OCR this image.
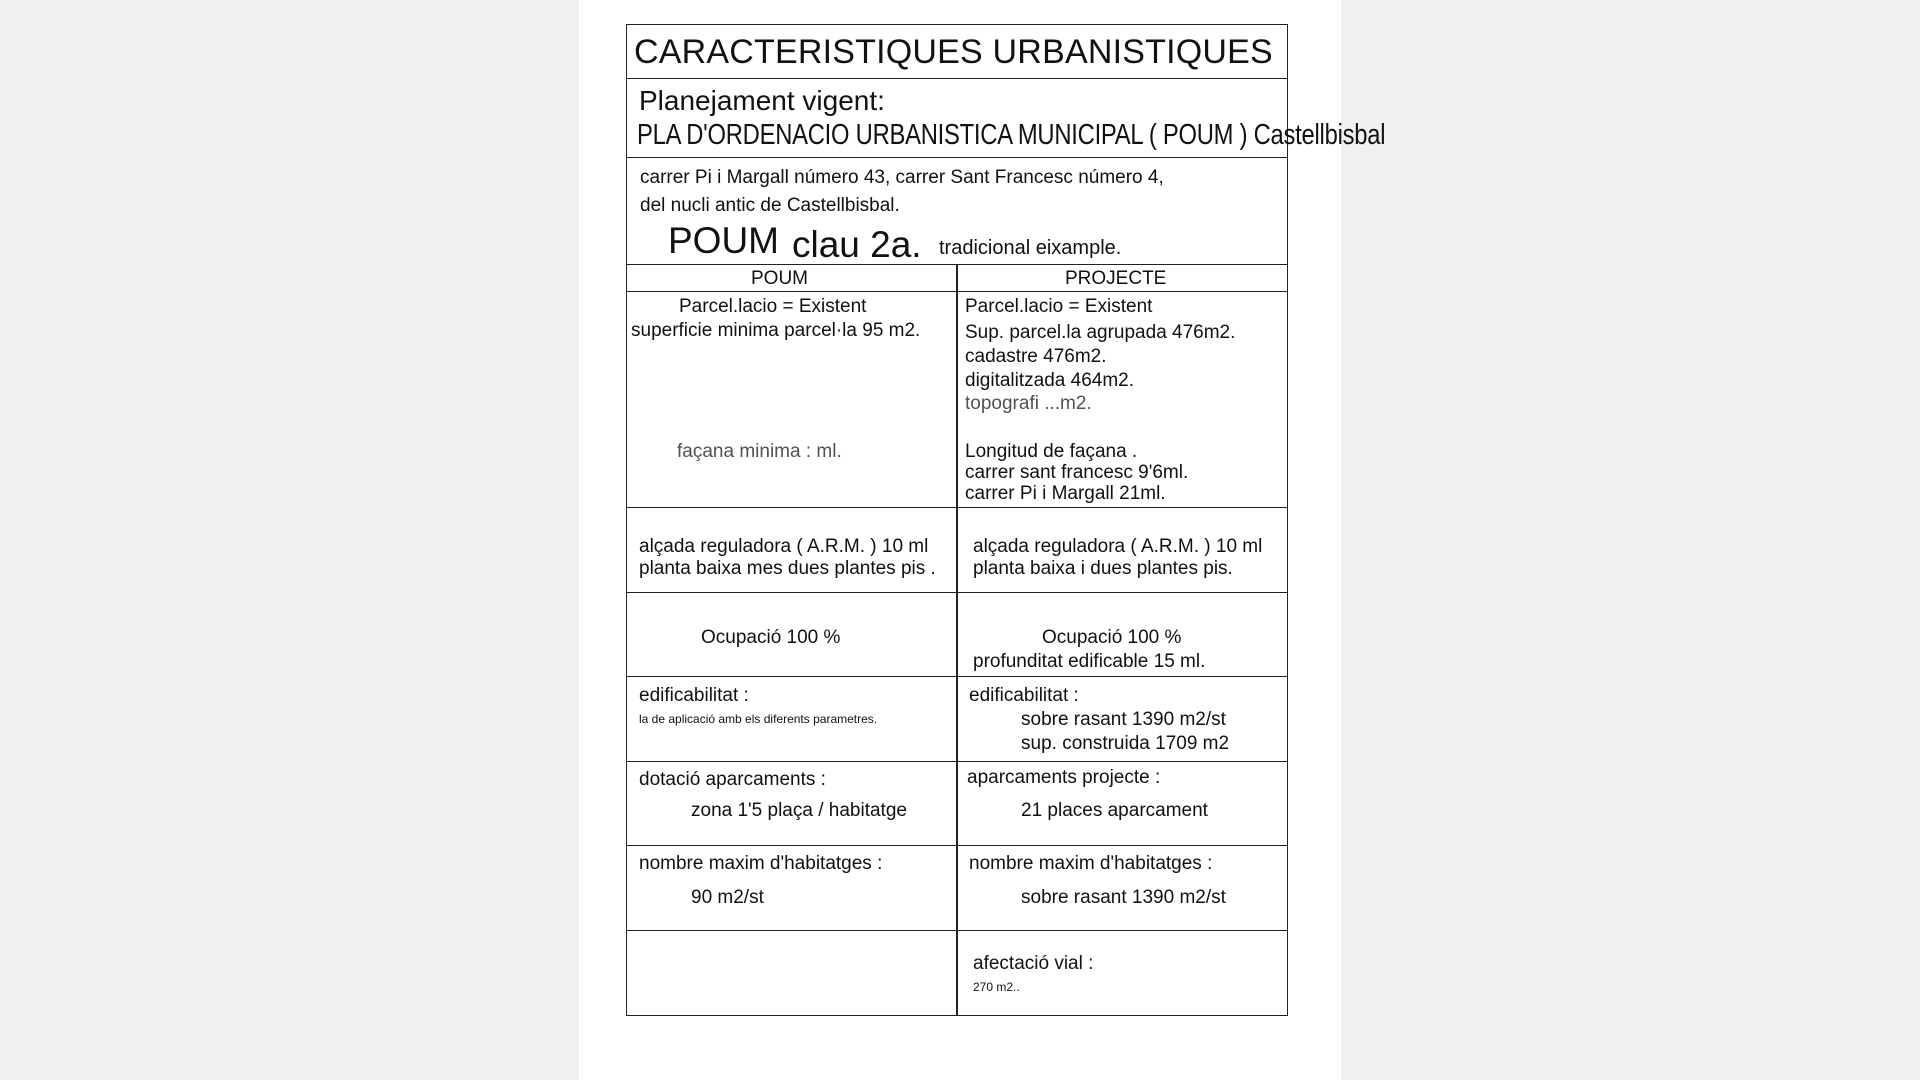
CARACTERISTIQUES URBANISTIQUES
Planejament vigent:
PLA D'ORDENACIO URBANISTICA MUNICIPAL ( POUM ) Castellbisbal
carrer Pi i Margall número 43, carrer Sant Francesc número 4,
del nucli antic de Castellbisbal.
POUM clau 2a. tradicional eixample.
POUM	PROJECTE
Parcel.lacio = Existent
superficie minima parcel·la 95 m2.
façana minima : ml.
Parcel.lacio = Existent
Sup. parcel.la agrupada 476m2.
cadastre 476m2.
digitalitzada 464m2.
topografi ...m2.
Longitud de façana .
carrer sant francesc 9'6ml.
carrer Pi i Margall 21ml.
alçada reguladora ( A.R.M. ) 10 ml
planta baixa mes dues plantes pis .
alçada reguladora ( A.R.M. ) 10 ml
planta baixa i dues plantes pis.
Ocupació 100 %	Ocupació 100 %
profunditat edificable 15 ml.
edificabilitat :
la de aplicació amb els diferents parametres.
edificabilitat :
sobre rasant 1390 m2/st
sup. construida 1709 m2
dotació aparcaments :
zona 1'5 plaça / habitatge
aparcaments projecte :
21 places aparcament
nombre maxim d'habitatges :
90 m2/st
nombre maxim d'habitatges :
sobre rasant 1390 m2/st
afectació vial :
270 m2..
